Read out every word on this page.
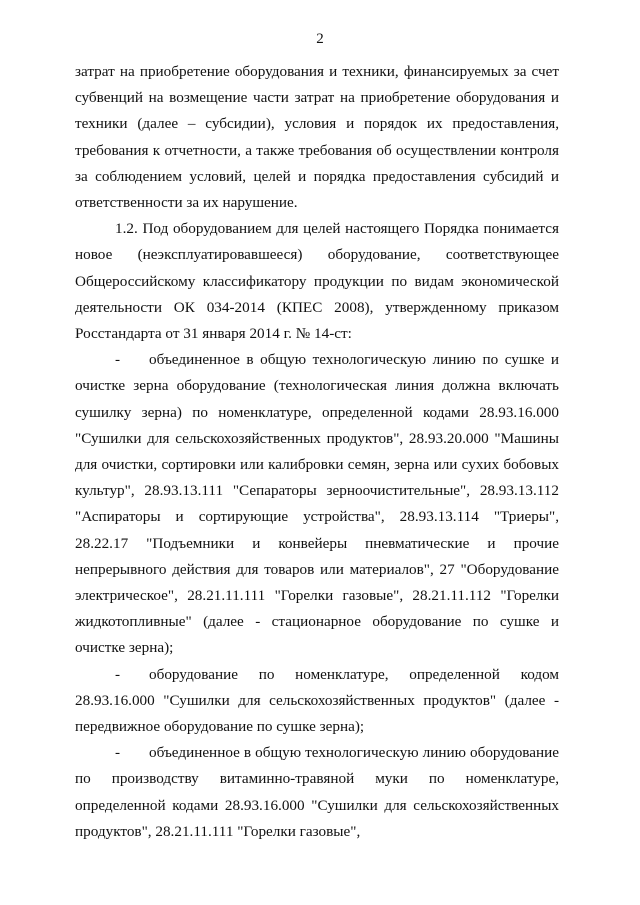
2

затрат на приобретение оборудования и техники, финансируемых за счет субвенций на возмещение части затрат на приобретение оборудования и техники (далее – субсидии), условия и порядок их предоставления, требования к отчетности, а также требования об осуществлении контроля за соблюдением условий, целей и порядка предоставления субсидий и ответственности за их нарушение.

1.2. Под оборудованием для целей настоящего Порядка понимается новое (неэксплуатировавшееся) оборудование, соответствующее Общероссийскому классификатору продукции по видам экономической деятельности ОК 034-2014 (КПЕС 2008), утвержденному приказом Росстандарта от 31 января 2014 г. № 14-ст:

- объединенное в общую технологическую линию по сушке и очистке зерна оборудование (технологическая линия должна включать сушилку зерна) по номенклатуре, определенной кодами 28.93.16.000 "Сушилки для сельскохозяйственных продуктов", 28.93.20.000 "Машины для очистки, сортировки или калибровки семян, зерна или сухих бобовых культур", 28.93.13.111 "Сепараторы зерноочистительные", 28.93.13.112 "Аспираторы и сортирующие устройства", 28.93.13.114 "Триеры", 28.22.17 "Подъемники и конвейеры пневматические и прочие непрерывного действия для товаров или материалов", 27 "Оборудование электрическое", 28.21.11.111 "Горелки газовые", 28.21.11.112 "Горелки жидкотопливные" (далее - стационарное оборудование по сушке и очистке зерна);

- оборудование по номенклатуре, определенной кодом 28.93.16.000 "Сушилки для сельскохозяйственных продуктов" (далее - передвижное оборудование по сушке зерна);

- объединенное в общую технологическую линию оборудование по производству витаминно-травяной муки по номенклатуре, определенной кодами 28.93.16.000 "Сушилки для сельскохозяйственных продуктов", 28.21.11.111 "Горелки газовые",
